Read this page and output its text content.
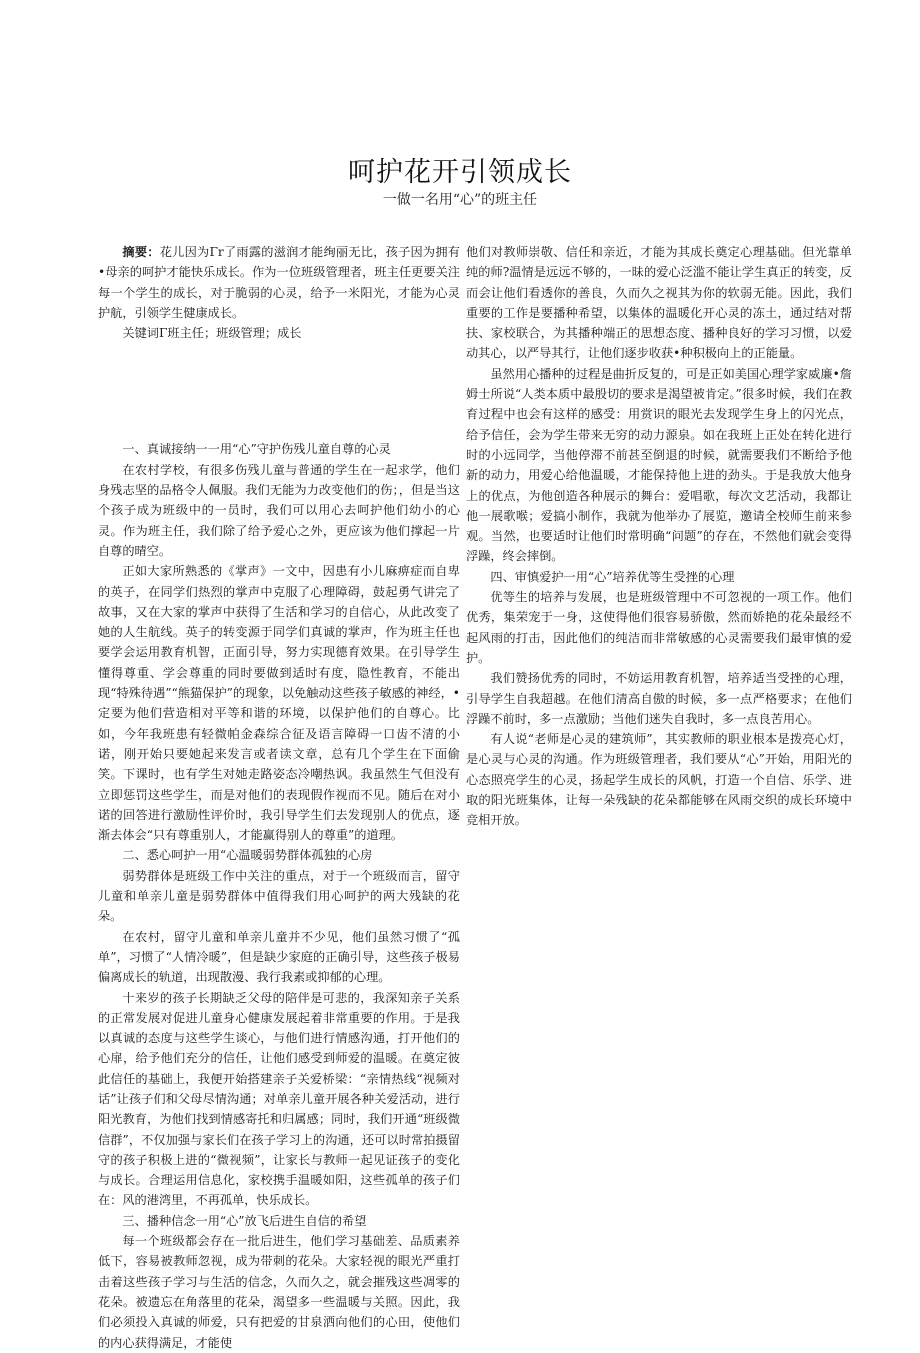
呵护花开引领成长
一做一名用“心”的班主任

摘要：花儿因为Γr了雨露的滋润才能绚丽无比，孩子因为拥有•母亲的呵护才能快乐成长。作为一位班级管理者，班主任更要关注每一个学生的成长，对于脆弱的心灵，给予一米阳光，才能为心灵护航，引领学生健康成长。

关键词Γ班主任；班级管理；成长

一、真诚接纳一一用“心”守护伤残儿童自尊的心灵

在农村学校，有很多伤残儿童与普通的学生在一起求学，他们身残志坚的品格令人佩服。我们无能为力改变他们的伤；，但是当这个孩子成为班级中的一员时，我们可以用心去呵护他们幼小的心灵。作为班主任，我们除了给予爱心之外，更应该为他们撑起一片自尊的晴空。

正如大家所熟悉的《掌声》一文中，因患有小儿麻痹症而自卑的英子，在同学们热烈的掌声中克服了心理障碍，鼓起勇气讲完了故事，又在大家的掌声中获得了生活和学习的自信心，从此改变了她的人生航线。英子的转变源于同学们真诚的掌声，作为班主任也要学会运用教育机智，正面引导，努力实现德育效果。在引导学生懂得尊重、学会尊重的同时要做到适时有度，隐性教育，不能出现“特殊待遇”“熊猫保护”的现象，以免触动这些孩子敏感的神经，•定要为他们营造相对平等和谐的环境，以保护他们的自尊心。比如，今年我班患有轻微帕金森综合征及语言障碍一口齿不清的小诺，刚开始只要她起来发言或者读文章，总有几个学生在下面偷笑。下课时，也有学生对她走路姿态冷嘲热讽。我虽然生气但没有立即惩罚这些学生，而是对他们的表现假作视而不见。随后在对小诺的回答进行激励性评价时，我引导学生们去发现别人的优点，逐渐去体会“只有尊重别人，才能赢得别人的尊重”的道理。

二、悉心呵护一用“心温暖弱势群体孤独的心房

弱势群体是班级工作中关注的重点，对于一个班级而言，留守儿童和单亲儿童是弱势群体中值得我们用心呵护的两大残缺的花朵。

在农村，留守儿童和单亲儿童并不少见，他们虽然习惯了“孤单”，习惯了“人情冷暖”，但是缺少家庭的正确引导，这些孩子极易偏离成长的轨道，出现散漫、我行我素或抑郁的心理。

十来岁的孩子长期缺乏父母的陪伴是可悲的，我深知亲子关系的正常发展对促进儿童身心健康发展起着非常重要的作用。于是我以真诚的态度与这些学生谈心，与他们进行情感沟通，打开他们的心扉，给予他们充分的信任，让他们感受到师爱的温暖。在奠定彼此信任的基础上，我便开始搭建亲子关爱桥梁：“亲情热线“视频对话”让孩子们和父母尽情沟通；对单亲儿童开展各种关爱活动，进行阳光教育，为他们找到情感寄托和归属感；同时，我们开通“班级微信群”，不仅加强与家长们在孩子学习上的沟通，还可以时常拍摄留守的孩子积极上进的“微视频”，让家长与教师一起见证孩子的变化与成长。合理运用信息化，家校携手温暖如阳，这些孤单的孩子们在：风的港湾里，不再孤单，快乐成长。

三、播种信念一用“心”放飞后进生自信的希望

每一个班级都会存在一批后进生，他们学习基础差、品质素养低下，容易被教师忽视，成为带刺的花朵。大家轻视的眼光严重打击着这些孩子学习与生活的信念，久而久之，就会摧残这些凋零的花朵。被遗忘在角落里的花朵，渴望多一些温暖与关照。因此，我们必须投入真诚的师爱，只有把爱的甘泉洒向他们的心田，使他们的内心获得满足，才能使

他们对教师崇敬、信任和亲近，才能为其成长奠定心理基础。但光靠单纯的师?温情是远远不够的，一昧的爱心泛滥不能让学生真正的转变，反而会让他们看透你的善良，久而久之视其为你的软弱无能。因此，我们重要的工作是要播种希望，以集体的温暖化开心灵的冻土，通过结对帮扶、家校联合，为其播种端正的思想态度、播种良好的学习习惯，以爱动其心，以严导其行，让他们逐步收获•种积极向上的正能量。

虽然用心播种的过程是曲折反复的，可是正如美国心理学家威廉•詹姆士所说“人类本质中最殷切的要求是渴望被肯定。”很多时候，我们在教育过程中也会有这样的感受：用赏识的眼光去发现学生身上的闪光点，给予信任，会为学生带来无穷的动力源泉。如在我班上正处在转化进行时的小远同学，当他停滞不前甚至倒退的时候，就需要我们不断给予他新的动力，用爱心给他温暖，才能保持他上进的劲头。于是我放大他身上的优点，为他创造各种展示的舞台：爱唱歌，每次文艺活动，我都让他一展歌喉；爱搞小制作，我就为他举办了展览，邀请全校师生前来参观。当然，也要适时让他们时常明确“问题”的存在，不然他们就会变得浮躁，终会摔倒。

四、审慎爱护一用“心”培养优等生受挫的心理

优等生的培养与发展，也是班级管理中不可忽视的一项工作。他们优秀，集荣宠于一身，这使得他们很容易骄傲，然而娇艳的花朵最经不起风雨的打击，因此他们的纯洁而非常敏感的心灵需要我们最审慎的爱护。

我们赞扬优秀的同时，不妨运用教育机智，培养适当受挫的心理，引导学生自我超越。在他们清高自傲的时候，多一点严格要求；在他们浮躁不前时，多一点激励；当他们迷失自我时，多一点良苦用心。

有人说“老师是心灵的建筑师”，其实教师的职业根本是拨亮心灯，是心灵与心灵的沟通。作为班级管理者，我们要从“心”开始，用阳光的心态照亮学生的心灵，扬起学生成长的风帆，打造一个自信、乐学、进取的阳光班集体，让每一朵残缺的花朵都能够在风雨交织的成长环境中竞相开放。
